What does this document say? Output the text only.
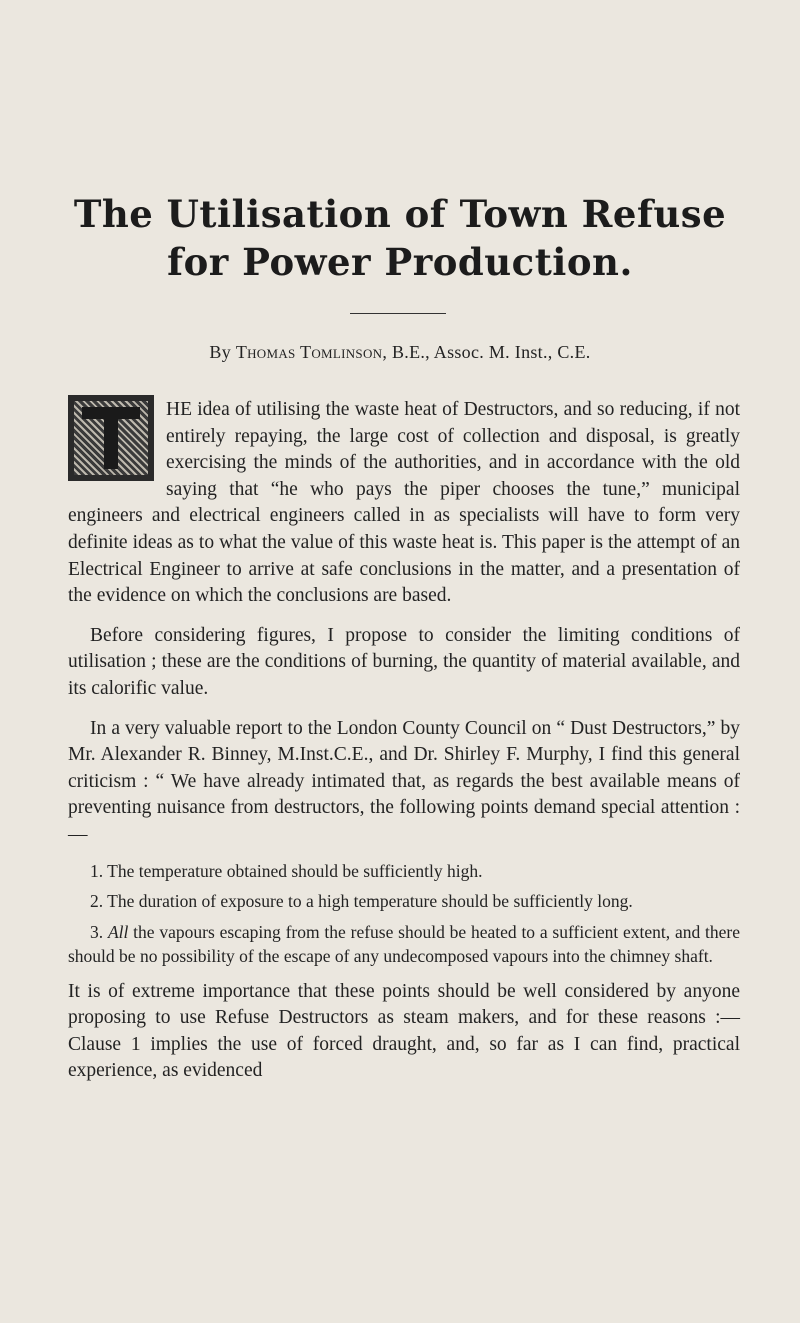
The Utilisation of Town Refuse
for Power Production.
By Thomas Tomlinson, B.E., Assoc. M. Inst., C.E.

HE idea of utilising the waste heat of Destructors, and so reducing, if not entirely repaying, the large cost of collection and disposal, is greatly exercising the minds of the authorities, and in accordance with the old saying that “he who pays the piper chooses the tune,” municipal engineers and electrical engineers called in as specialists will have to form very definite ideas as to what the value of this waste heat is. This paper is the attempt of an Electrical Engineer to arrive at safe conclusions in the matter, and a presentation of the evidence on which the conclusions are based.

Before considering figures, I propose to consider the limiting conditions of utilisation ; these are the conditions of burning, the quantity of material available, and its calorific value.

In a very valuable report to the London County Council on “ Dust Destructors,” by Mr. Alexander R. Binney, M.Inst.C.E., and Dr. Shirley F. Murphy, I find this general criticism : “ We have already intimated that, as regards the best available means of preventing nuisance from destructors, the following points demand special attention :—

1. The temperature obtained should be sufficiently high.
2. The duration of exposure to a high temperature should be sufficiently long.
3. All the vapours escaping from the refuse should be heated to a sufficient extent, and there should be no possibility of the escape of any undecomposed vapours into the chimney shaft.

It is of extreme importance that these points should be well considered by anyone proposing to use Refuse Destructors as steam makers, and for these reasons :—Clause 1 implies the use of forced draught, and, so far as I can find, practical experience, as evidenced
